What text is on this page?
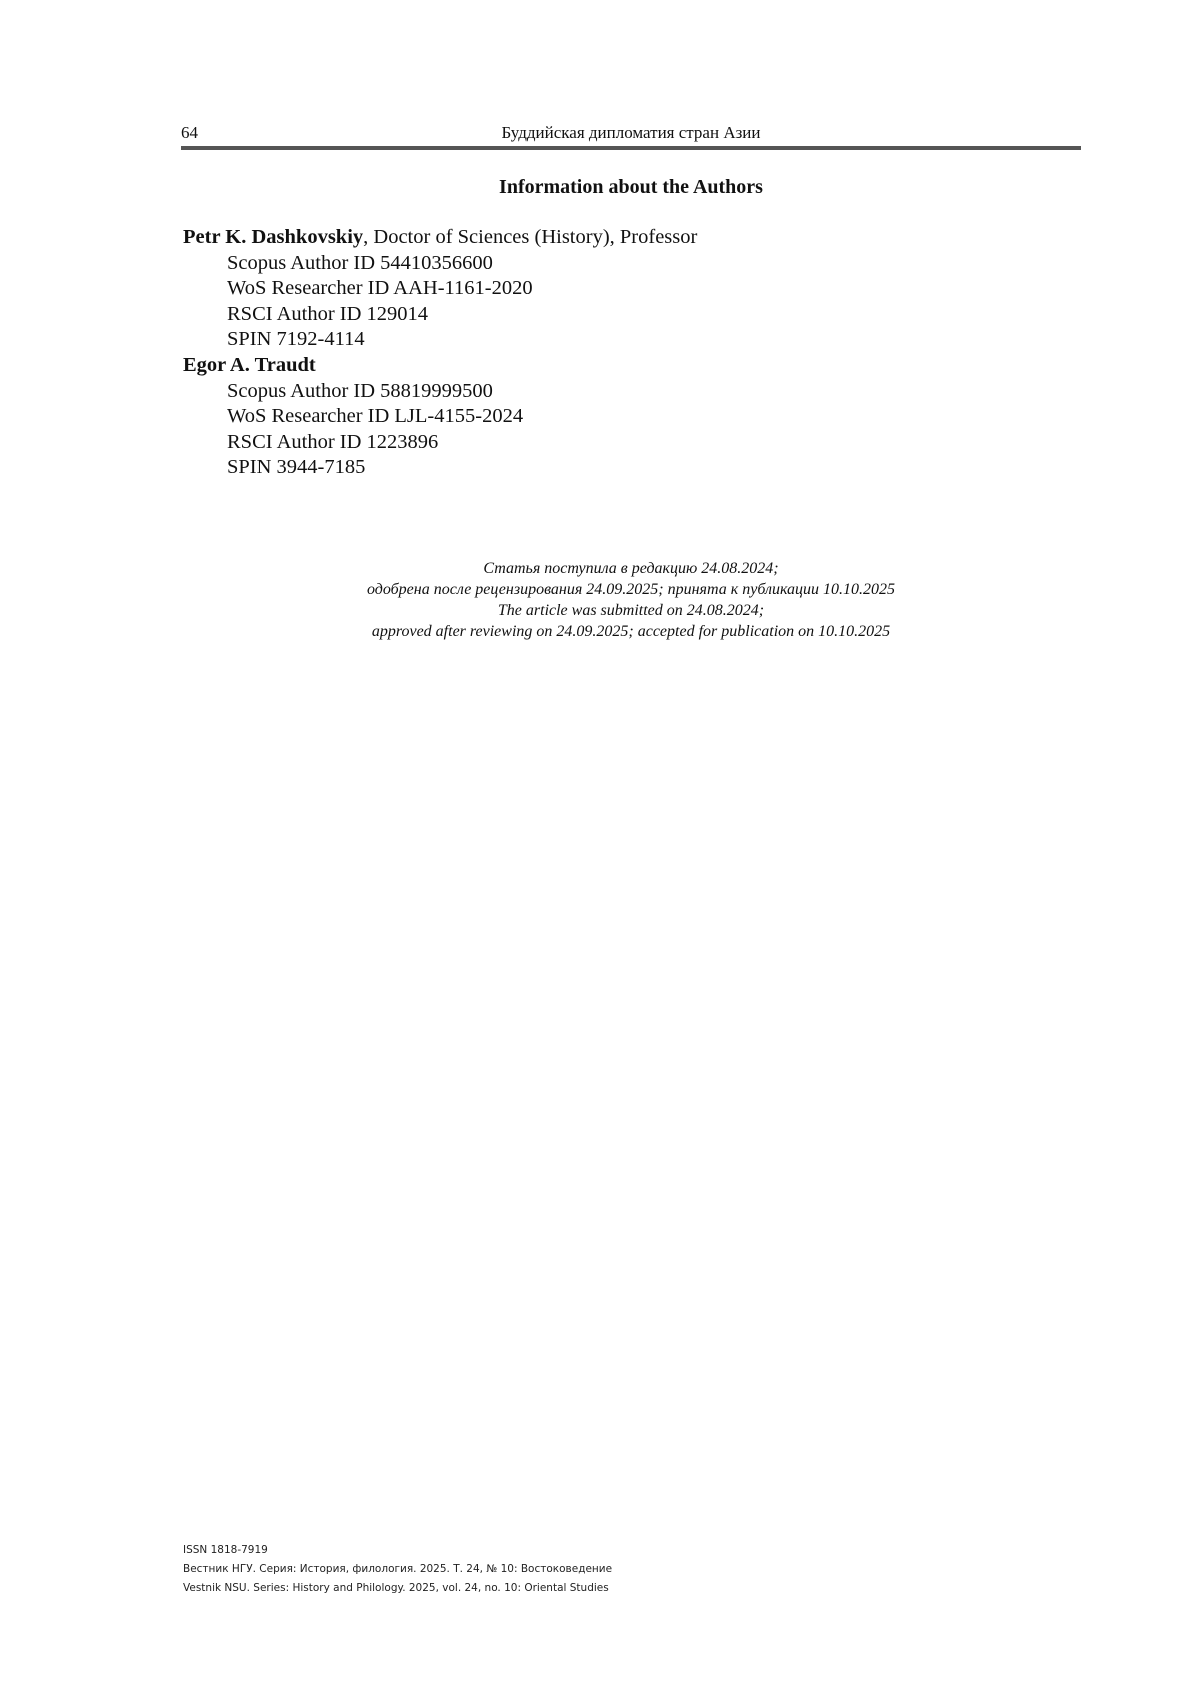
64	Буддийская дипломатия стран Азии
Information about the Authors
Petr K. Dashkovskiy, Doctor of Sciences (History), Professor
Scopus Author ID 54410356600
WoS Researcher ID AAH-1161-2020
RSCI Author ID 129014
SPIN 7192-4114
Egor A. Traudt
Scopus Author ID 58819999500
WoS Researcher ID LJL-4155-2024
RSCI Author ID 1223896
SPIN 3944-7185
Статья поступила в редакцию 24.08.2024;
одобрена после рецензирования 24.09.2025; принята к публикации 10.10.2025
The article was submitted on 24.08.2024;
approved after reviewing on 24.09.2025; accepted for publication on 10.10.2025
ISSN 1818-7919
Вестник НГУ. Серия: История, филология. 2025. Т. 24, № 10: Востоковедение
Vestnik NSU. Series: History and Philology. 2025, vol. 24, no. 10: Oriental Studies
